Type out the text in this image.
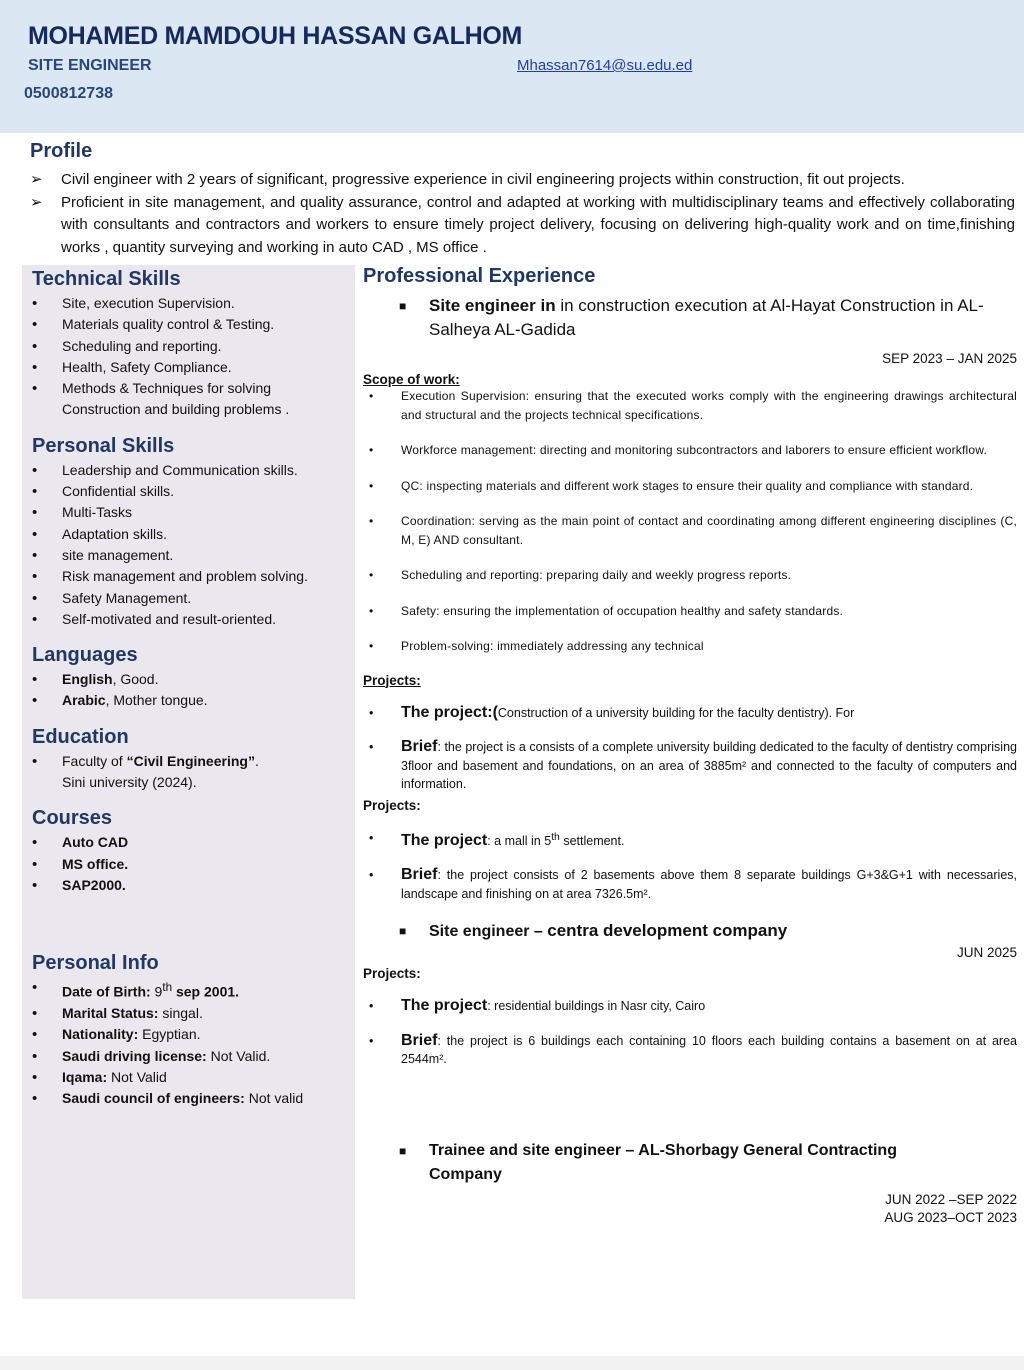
MOHAMED MAMDOUH HASSAN GALHOM
SITE ENGINEER
0500812738
Mhassan7614@su.edu.ed
Profile
➢ Civil engineer with 2 years of significant, progressive experience in civil engineering projects within construction, fit out projects.
➢ Proficient in site management, and quality assurance, control and adapted at working with multidisciplinary teams and effectively collaborating with consultants and contractors and workers to ensure timely project delivery, focusing on delivering high-quality work and on time,finishing works , quantity surveying and working in auto CAD , MS office .
Technical Skills
• Site, execution Supervision.
• Materials quality control & Testing.
• Scheduling and reporting.
• Health, Safety Compliance.
• Methods & Techniques for solving Construction and building problems .
Personal Skills
• Leadership and Communication skills.
• Confidential skills.
• Multi-Tasks
• Adaptation skills.
• site management.
• Risk management and problem solving.
• Safety Management.
• Self-motivated and result-oriented.
Languages
• English, Good.
• Arabic, Mother tongue.
Education
• Faculty of “Civil Engineering”.
Sini university (2024).
Courses
• Auto CAD
• MS office.
• SAP2000.
Personal Info
• Date of Birth: 9th sep 2001.
• Marital Status: singal.
• Nationality: Egyptian.
• Saudi driving license: Not Valid.
• Iqama: Not Valid
• Saudi council of engineers: Not valid
Professional Experience
■ Site engineer in in construction execution at Al-Hayat Construction in AL-Salheya AL-Gadida
SEP 2023 – JAN 2025
Scope of work:
• Execution Supervision: ensuring that the executed works comply with the engineering drawings architectural and structural and the projects technical specifications.
• Workforce management: directing and monitoring subcontractors and laborers to ensure efficient workflow.
• QC: inspecting materials and different work stages to ensure their quality and compliance with standard.
• Coordination: serving as the main point of contact and coordinating among different engineering disciplines (C, M, E) AND consultant.
• Scheduling and reporting: preparing daily and weekly progress reports.
• Safety: ensuring the implementation of occupation healthy and safety standards.
• Problem-solving: immediately addressing any technical
Projects:
• The project:(Construction of a university building for the faculty dentistry). For
• Brief: the project is a consists of a complete university building dedicated to the faculty of dentistry comprising 3floor and basement and foundations, on an area of 3885m² and connected to the faculty of computers and information.
Projects:
• The project: a mall in 5th settlement.
• Brief: the project consists of 2 basements above them 8 separate buildings G+3&G+1 with necessaries, landscape and finishing on at area 7326.5m².
■ Site engineer – centra development company
JUN 2025
Projects:
• The project: residential buildings in Nasr city, Cairo
• Brief: the project is 6 buildings each containing 10 floors each building contains a basement on at area 2544m².
■ Trainee and site engineer – AL-Shorbagy General Contracting Company
JUN 2022 –SEP 2022
AUG 2023–OCT 2023
